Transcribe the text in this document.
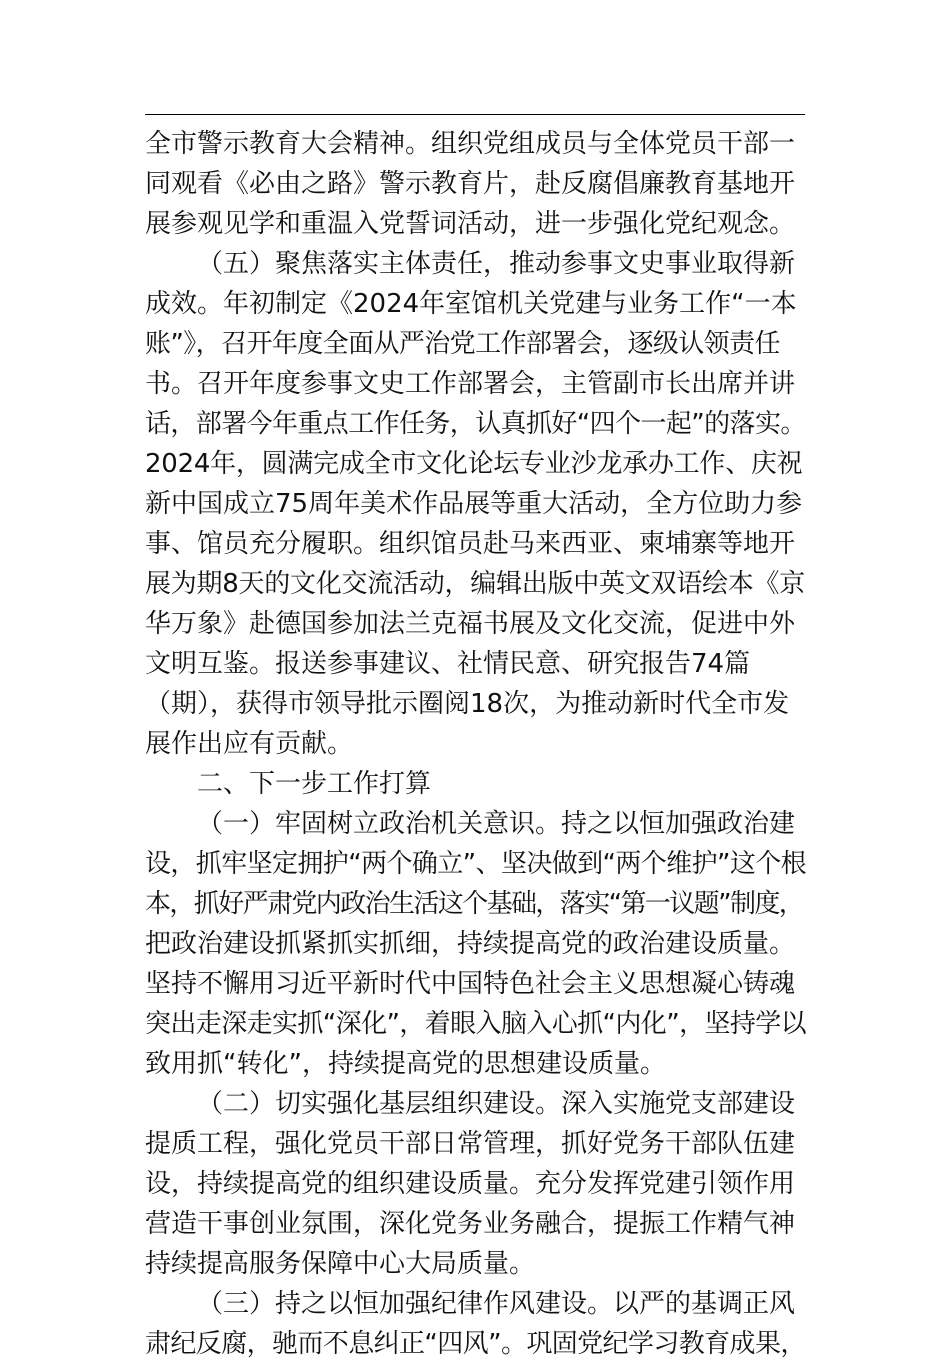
全市警示教育大会精神。组织党组成员与全体党员干部一
同观看《必由之路》警示教育片，赴反腐倡廉教育基地开
展参观见学和重温入党誓词活动，进一步强化党纪观念。
（五）聚焦落实主体责任，推动参事文史事业取得新
成效。年初制定《2024年室馆机关党建与业务工作“一本
账”》，召开年度全面从严治党工作部署会，逐级认领责任
书。召开年度参事文史工作部署会，主管副市长出席并讲
话，部署今年重点工作任务，认真抓好“四个一起”的落实。
2024年，圆满完成全市文化论坛专业沙龙承办工作、庆祝
新中国成立75周年美术作品展等重大活动，全方位助力参
事、馆员充分履职。组织馆员赴马来西亚、柬埔寨等地开
展为期8天的文化交流活动，编辑出版中英文双语绘本《京
华万象》赴德国参加法兰克福书展及文化交流，促进中外
文明互鉴。报送参事建议、社情民意、研究报告74篇
（期），获得市领导批示圈阅18次，为推动新时代全市发
展作出应有贡献。
二、下一步工作打算
（一）牢固树立政治机关意识。持之以恒加强政治建
设，抓牢坚定拥护“两个确立”、坚决做到“两个维护”这个根
本，抓好严肃党内政治生活这个基础，落实“第一议题”制度，
把政治建设抓紧抓实抓细，持续提高党的政治建设质量。
坚持不懈用习近平新时代中国特色社会主义思想凝心铸魂
突出走深走实抓“深化”，着眼入脑入心抓“内化”，坚持学以
致用抓“转化”，持续提高党的思想建设质量。
（二）切实强化基层组织建设。深入实施党支部建设
提质工程，强化党员干部日常管理，抓好党务干部队伍建
设，持续提高党的组织建设质量。充分发挥党建引领作用
营造干事创业氛围，深化党务业务融合，提振工作精气神
持续提高服务保障中心大局质量。
（三）持之以恒加强纪律作风建设。以严的基调正风
肃纪反腐，驰而不息纠正“四风”。巩固党纪学习教育成果，
